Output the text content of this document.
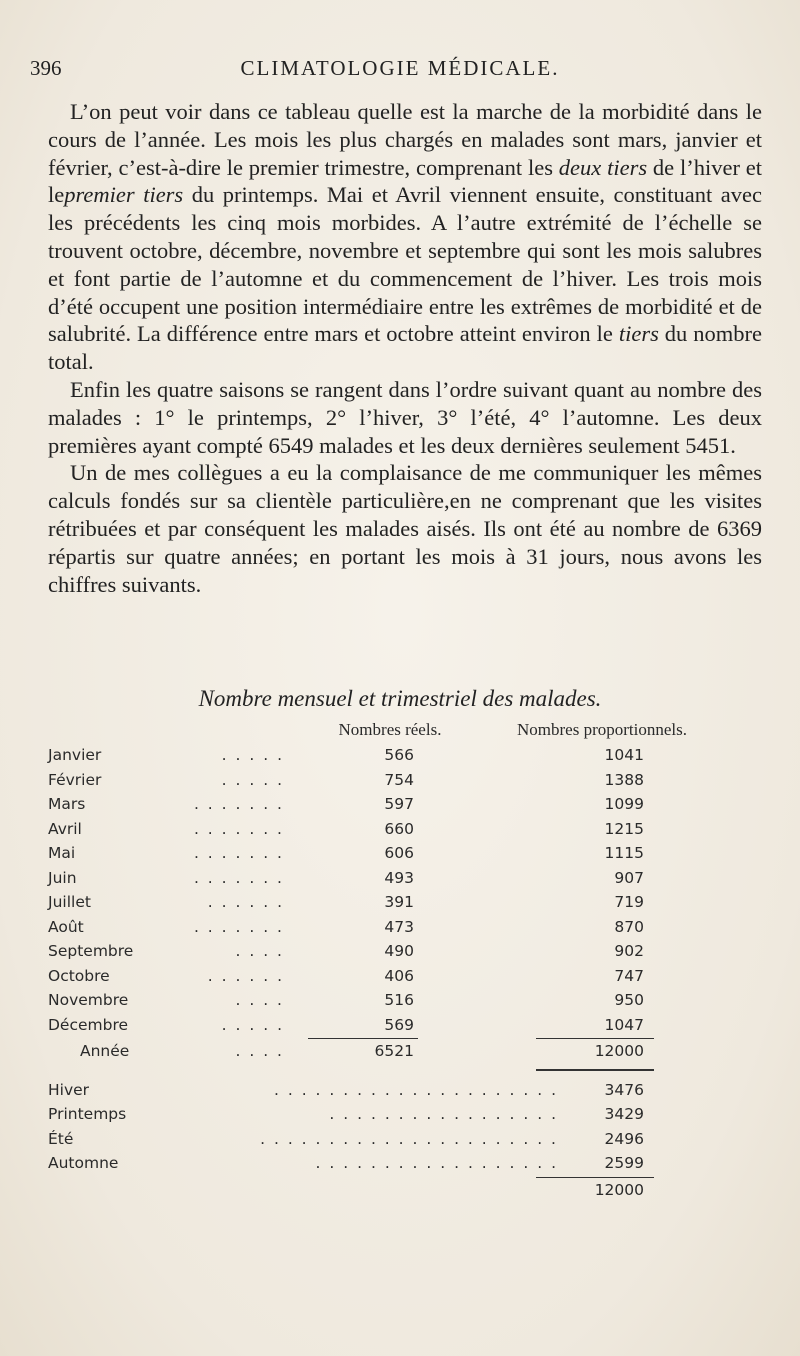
396	CLIMATOLOGIE MÉDICALE.

L’on peut voir dans ce tableau quelle est la marche de la morbidité dans le cours de l’année. Les mois les plus chargés en malades sont mars, janvier et février, c’est-à-dire le premier trimestre, comprenant les deux tiers de l’hiver et lepremier tiers du printemps. Mai et Avril viennent ensuite, constituant avec les précédents les cinq mois morbides. A l’autre extrémité de l’échelle se trouvent octobre, décembre, novembre et septembre qui sont les mois salubres et font partie de l’automne et du commencement de l’hiver. Les trois mois d’été occupent une position intermédiaire entre les extrêmes de morbidité et de salubrité. La différence entre mars et octobre atteint environ le tiers du nombre total.

Enfin les quatre saisons se rangent dans l’ordre suivant quant au nombre des malades : 1° le printemps, 2° l’hiver, 3° l’été, 4° l’automne. Les deux premières ayant compté 6549 malades et les deux dernières seulement 5451.

Un de mes collègues a eu la complaisance de me communiquer les mêmes calculs fondés sur sa clientèle particulière,en ne comprenant que les visites rétribuées et par conséquent les malades aisés. Ils ont été au nombre de 6369 répartis sur quatre années; en portant les mois à 31 jours, nous avons les chiffres suivants.

Nombre mensuel et trimestriel des malades.
Nombres réels.	Nombres proportionnels.
Janvier	. . . . .	566	1041
Février	. . . . .	754	1388
Mars	. . . . . . .	597	1099
Avril	. . . . . . .	660	1215
Mai	. . . . . . .	606	1115
Juin	. . . . . . .	493	907
Juillet	. . . . . .	391	719
Août	. . . . . . .	473	870
Septembre	. . . .	490	902
Octobre	. . . . . .	406	747
Novembre	. . . .	516	950
Décembre	. . . . .	569	1047
Année	. . . .	6521	12000
. . . . . . . . . . . . . . . . . . . . .
Hiver	3476
. . . . . . . . . . . . . . . . .
Printemps	3429
. . . . . . . . . . . . . . . . . . . . . .
Été	2496
. . . . . . . . . . . . . . . . . .
Automne	2599
12000
